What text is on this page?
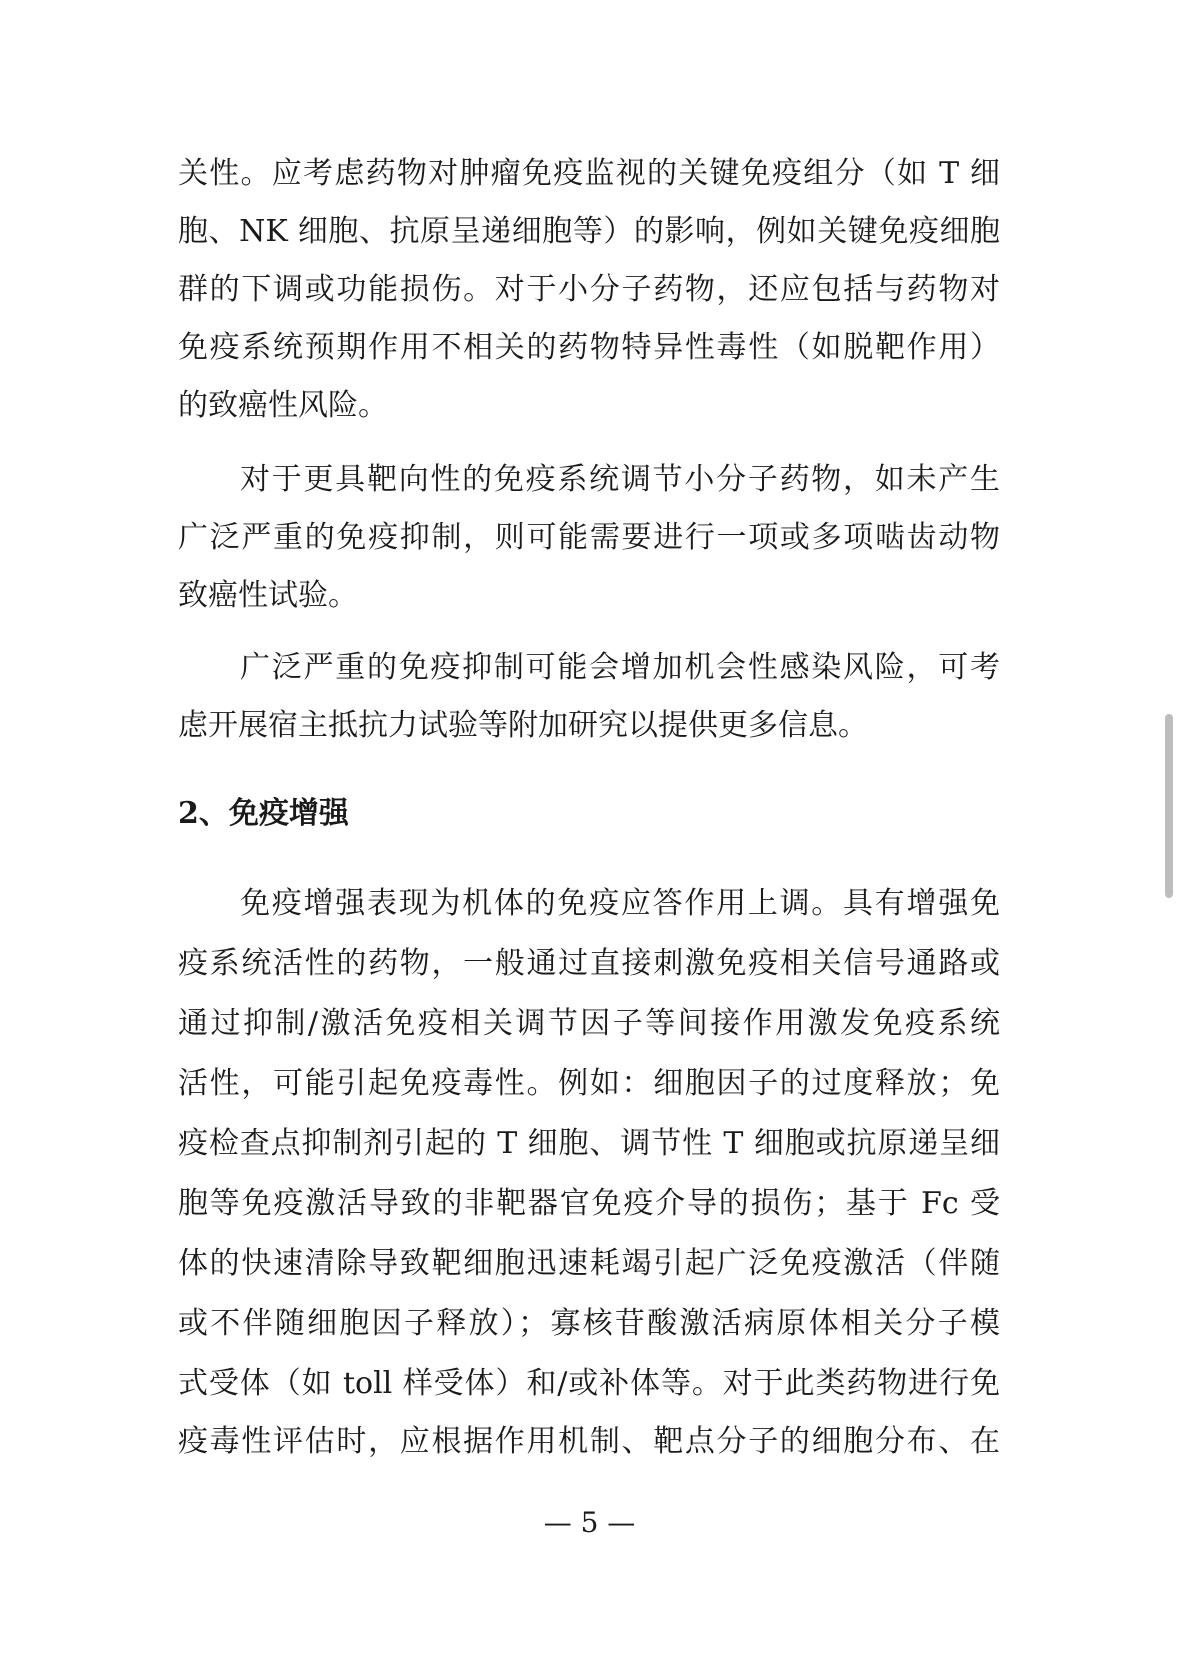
关性。应考虑药物对肿瘤免疫监视的关键免疫组分（如 T 细
胞、NK 细胞、抗原呈递细胞等）的影响，例如关键免疫细胞
群的下调或功能损伤。对于小分子药物，还应包括与药物对
免疫系统预期作用不相关的药物特异性毒性（如脱靶作用）
的致癌性风险。
对于更具靶向性的免疫系统调节小分子药物，如未产生
广泛严重的免疫抑制，则可能需要进行一项或多项啮齿动物
致癌性试验。
广泛严重的免疫抑制可能会增加机会性感染风险，可考
虑开展宿主抵抗力试验等附加研究以提供更多信息。
2、免疫增强
免疫增强表现为机体的免疫应答作用上调。具有增强免
疫系统活性的药物，一般通过直接刺激免疫相关信号通路或
通过抑制/激活免疫相关调节因子等间接作用激发免疫系统
活性，可能引起免疫毒性。例如：细胞因子的过度释放；免
疫检查点抑制剂引起的 T 细胞、调节性 T 细胞或抗原递呈细
胞等免疫激活导致的非靶器官免疫介导的损伤；基于 Fc 受
体的快速清除导致靶细胞迅速耗竭引起广泛免疫激活（伴随
或不伴随细胞因子释放）；寡核苷酸激活病原体相关分子模
式受体（如 toll 样受体）和/或补体等。对于此类药物进行免
疫毒性评估时，应根据作用机制、靶点分子的细胞分布、在
— 5 —
